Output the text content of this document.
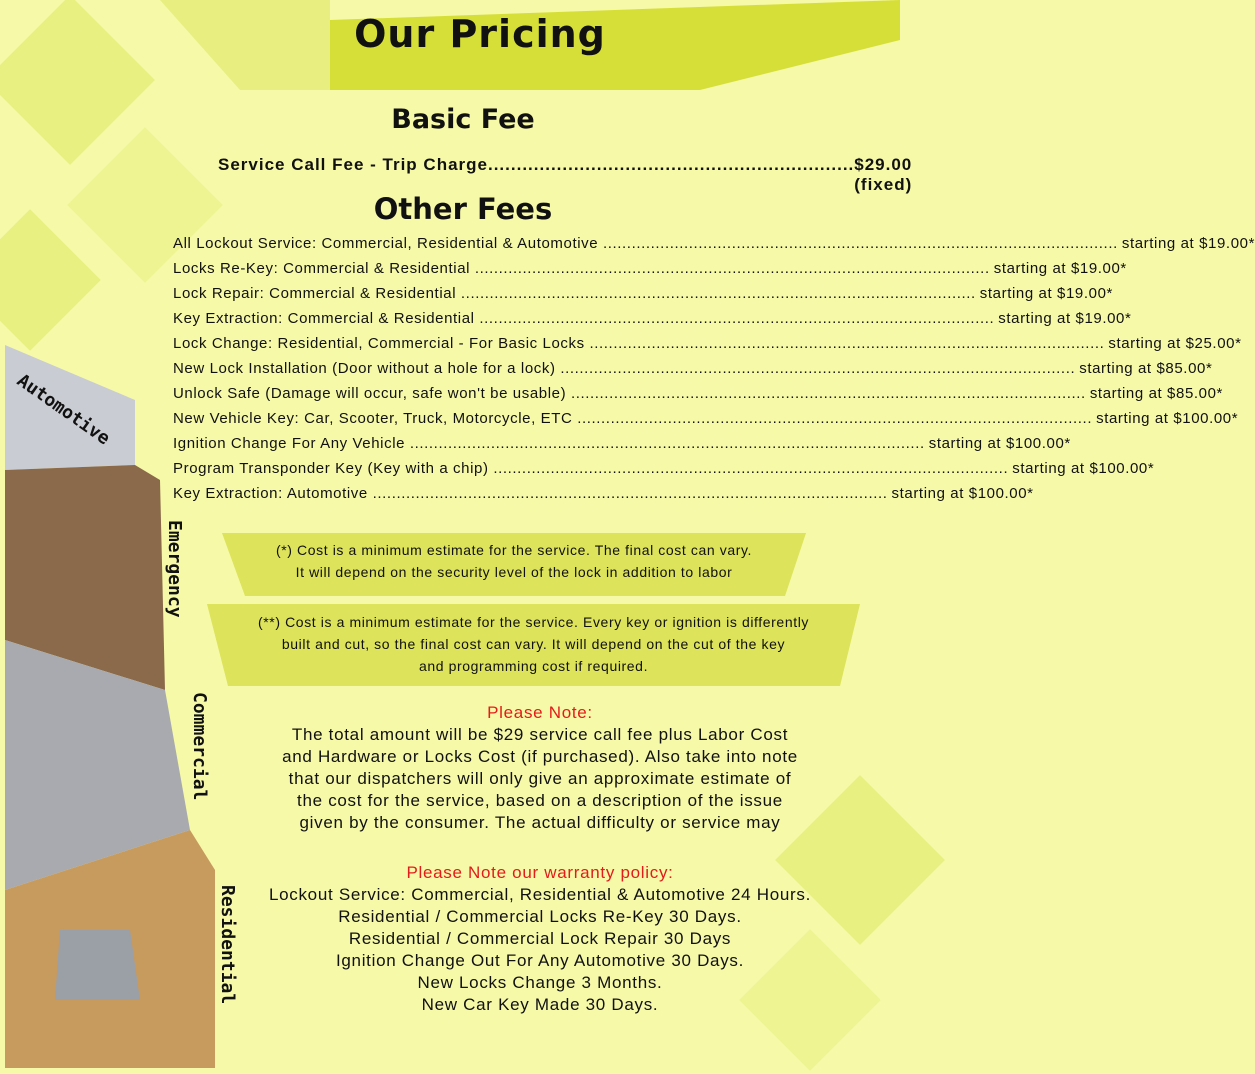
Our Pricing
Basic Fee
Service Call Fee - Trip Charge................................................................ $29.00 (fixed)
Other Fees
All Lockout Service: Commercial, Residential & Automotive .....	starting at $19.00*
Locks Re-Key: Commercial & Residential .....	starting at $19.00*
Lock Repair: Commercial & Residential .....	starting at $19.00*
Key Extraction: Commercial & Residential .....	starting at $19.00*
Lock Change: Residential, Commercial - For Basic Locks .....	starting at $25.00*
New Lock Installation (Door without a hole for a lock) .....	starting at $85.00*
Unlock Safe (Damage will occur, safe won't be usable) .....	starting at $85.00*
New Vehicle Key: Car, Scooter, Truck, Motorcycle, ETC .....	starting at $100.00*
Ignition Change For Any Vehicle .....	starting at $100.00*
Program Transponder Key (Key with a chip) .....	starting at $100.00*
Key Extraction: Automotive .....	starting at $100.00*
(*) Cost is a minimum estimate for the service. The final cost can vary.
It will depend on the security level of the lock in addition to labor
(**) Cost is a minimum estimate for the service. Every key or ignition is differently
built and cut, so the final cost can vary. It will depend on the cut of the key
and programming cost if required.
Please Note:
The total amount will be $29 service call fee plus Labor Cost
and Hardware or Locks Cost (if purchased). Also take into note
that our dispatchers will only give an approximate estimate of
the cost for the service, based on a description of the issue
given by the consumer. The actual difficulty or service may
Please Note our warranty policy:
Lockout Service: Commercial, Residential & Automotive 24 Hours.
Residential / Commercial Locks Re-Key 30 Days.
Residential / Commercial Lock Repair 30 Days
Ignition Change Out For Any Automotive 30 Days.
New Locks Change 3 Months.
New Car Key Made 30 Days.
Automotive
Emergency
Commercial
Residential
